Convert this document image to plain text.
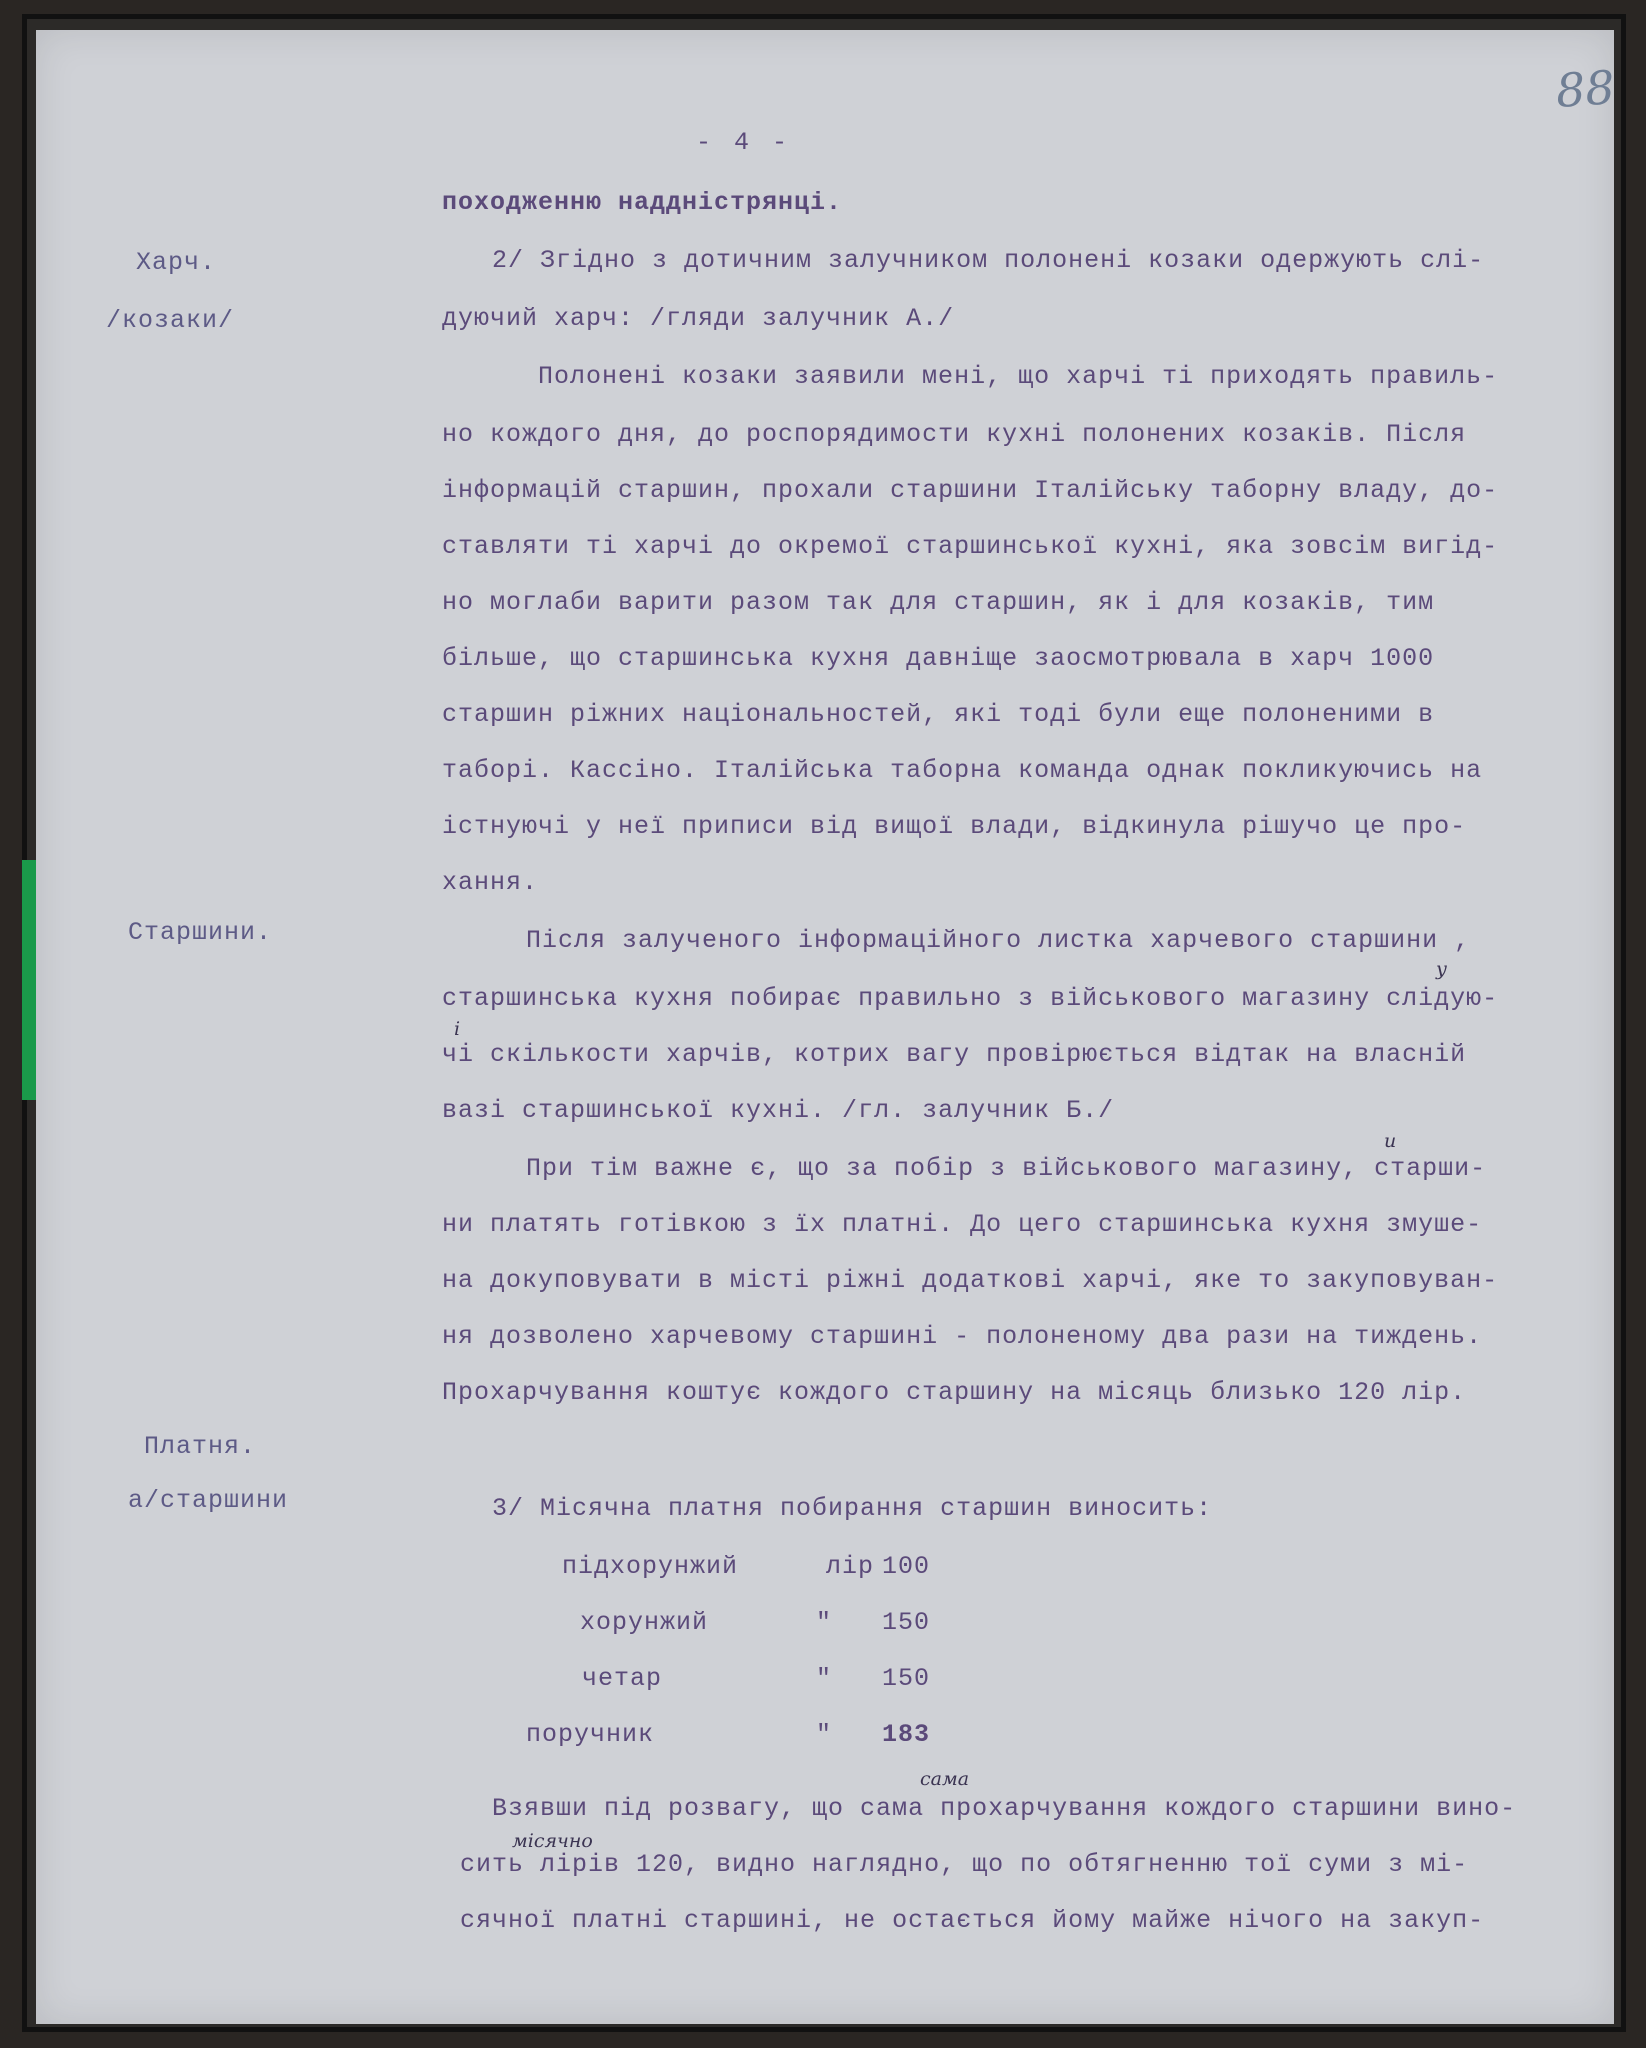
88
- 4 -
Харч.
/козаки/
Старшини.
Платня.
а/старшини
походженню наддністрянці.
2/ Згідно з дотичним залучником полонені козаки одержують слі-
дуючий харч: /гляди залучник А./
Полонені козаки заявили мені, що харчі ті приходять правиль-
но кождого дня, до роспорядимости кухні полонених козаків. Після
інформацій старшин, прохали старшини Італійську таборну владу, до-
ставляти ті харчі до окремої старшинської кухні, яка зовсім вигід-
но моглаби варити разом так для старшин, як і для козаків, тим
більше, що старшинська кухня давніще заосмотрювала в харч 1000
старшин ріжних національностей, які тоді були еще полоненими в
таборі. Кассіно. Італійська таборна команда однак покликуючись на
істнуючі у неї приписи від вищої влади, відкинула рішучо це про-
хання.
Після залученого інформаційного листка харчевого старшини ,
старшинська кухня побирає правильно з військового магазину слідую-
чі скількости харчів, котрих вагу провірюється відтак на власній
вазі старшинської кухні. /гл. залучник Б./
При тім важне є, що за побір з військового магазину, старши-
ни платять готівкою з їх платні. До цего старшинська кухня змуше-
на докуповувати в місті ріжні додаткові харчі, яке то закуповуван-
ня дозволено харчевому старшині - полоненому два рази на тиждень.
Прохарчування коштує кождого старшину на місяць близько 120 лір.
3/ Місячна платня побирання старшин виносить:
підхорунжий	лір 100
хорунжий	" 150
четар	" 150
поручник	" 183
Взявши під розвагу, що сама прохарчування кождого старшини вино-
сить лірів 120, видно наглядно, що по обтягненню тої суми з мі-
сячної платні старшині, не остається йому майже нічого на закуп-
у
і
и
сама
місячно
